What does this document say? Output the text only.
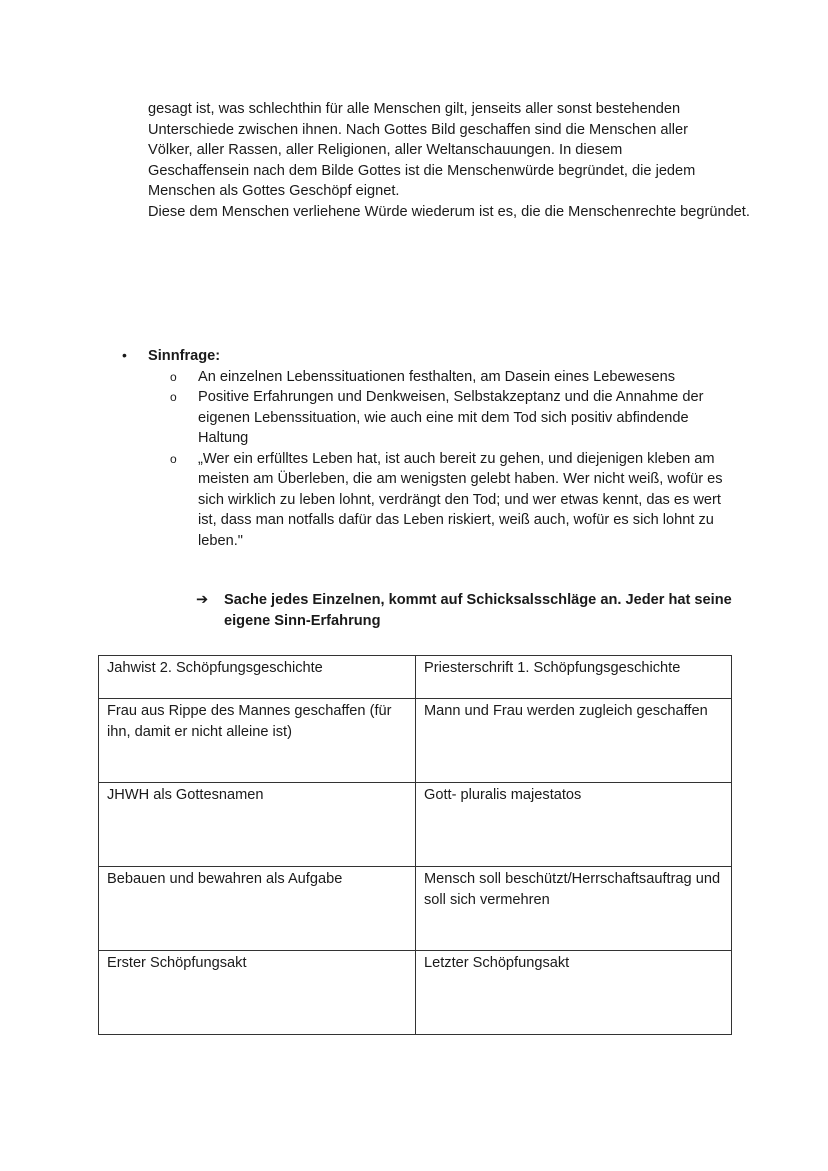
gesagt ist, was schlechthin für alle Menschen gilt, jenseits aller sonst bestehenden

Unterschiede zwischen ihnen. Nach Gottes Bild geschaffen sind die Menschen aller

Völker, aller Rassen, aller Religionen, aller Weltanschauungen. In diesem

Geschaffensein nach dem Bilde Gottes ist die Menschenwürde begründet, die jedem

Menschen als Gottes Geschöpf eignet.

Diese dem Menschen verliehene Würde wiederum ist es, die die Menschenrechte begründet.

•	Sinnfrage:
o	An einzelnen Lebenssituationen festhalten, am Dasein eines Lebewesens
o	Positive Erfahrungen und Denkweisen, Selbstakzeptanz und die Annahme der eigenen Lebenssituation, wie auch eine mit dem Tod sich positiv abfindende Haltung
o	„Wer ein erfülltes Leben hat, ist auch bereit zu gehen, und diejenigen kleben am meisten am Überleben, die am wenigsten gelebt haben. Wer nicht weiß, wofür es sich wirklich zu leben lohnt, verdrängt den Tod; und wer etwas kennt, das es wert ist, dass man notfalls dafür das Leben riskiert, weiß auch, wofür es sich lohnt zu leben."
➔	Sache jedes Einzelnen, kommt auf Schicksalsschläge an. Jeder hat seine eigene Sinn-Erfahrung
Jahwist 2. Schöpfungsgeschichte	Priesterschrift 1. Schöpfungsgeschichte
Frau aus Rippe des Mannes geschaffen (für ihn, damit er nicht alleine ist)	Mann und Frau werden zugleich geschaffen
JHWH als Gottesnamen	Gott- pluralis majestatos
Bebauen und bewahren als Aufgabe	Mensch soll beschützt/Herrschaftsauftrag und soll sich vermehren
Erster Schöpfungsakt	Letzter Schöpfungsakt
